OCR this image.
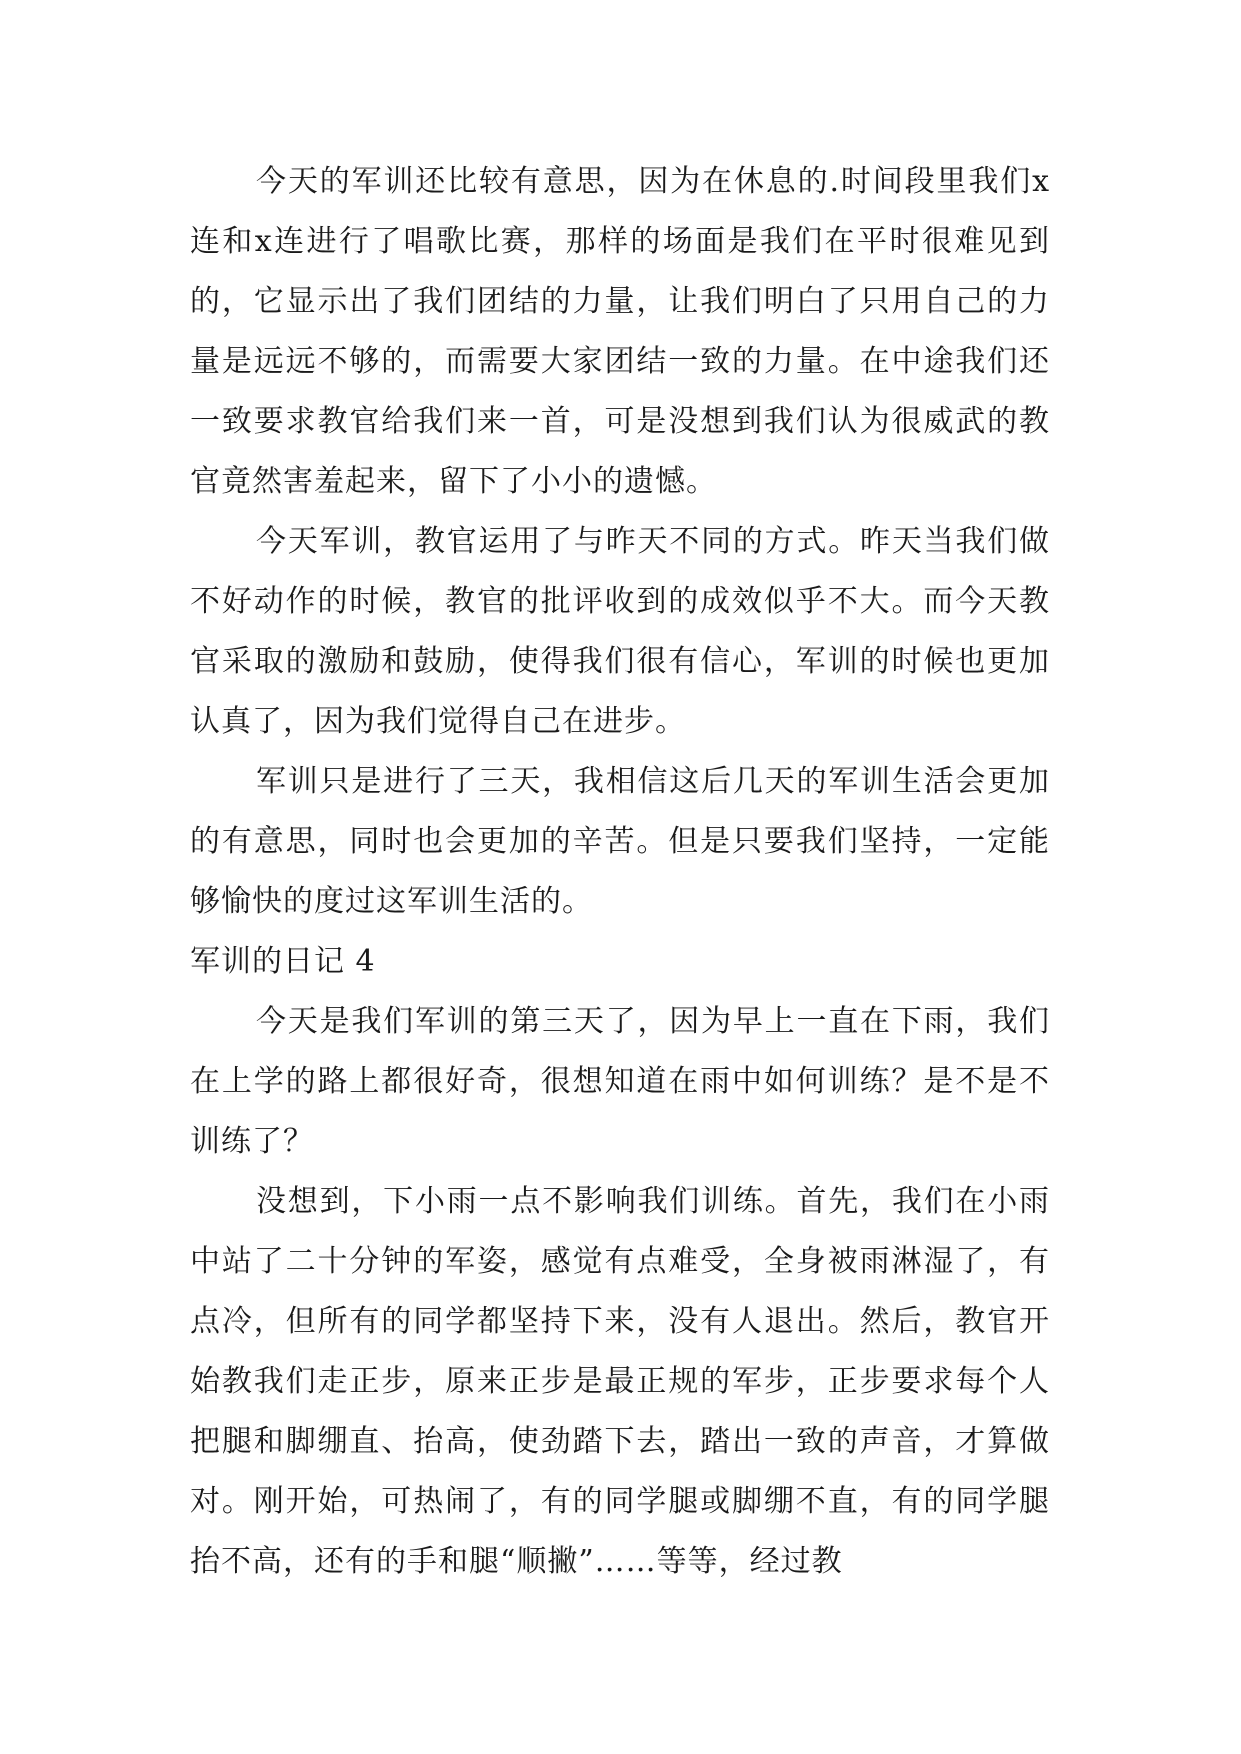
今天的军训还比较有意思，因为在休息的.时间段里我们x连和x连进行了唱歌比赛，那样的场面是我们在平时很难见到的，它显示出了我们团结的力量，让我们明白了只用自己的力量是远远不够的，而需要大家团结一致的力量。在中途我们还一致要求教官给我们来一首，可是没想到我们认为很威武的教官竟然害羞起来，留下了小小的遗憾。

今天军训，教官运用了与昨天不同的方式。昨天当我们做不好动作的时候，教官的批评收到的成效似乎不大。而今天教官采取的激励和鼓励，使得我们很有信心，军训的时候也更加认真了，因为我们觉得自己在进步。

军训只是进行了三天，我相信这后几天的军训生活会更加的有意思，同时也会更加的辛苦。但是只要我们坚持，一定能够愉快的度过这军训生活的。

军训的日记 4

今天是我们军训的第三天了，因为早上一直在下雨，我们在上学的路上都很好奇，很想知道在雨中如何训练？是不是不训练了？

没想到，下小雨一点不影响我们训练。首先，我们在小雨中站了二十分钟的军姿，感觉有点难受，全身被雨淋湿了，有点冷，但所有的同学都坚持下来，没有人退出。然后，教官开始教我们走正步，原来正步是最正规的军步，正步要求每个人把腿和脚绷直、抬高，使劲踏下去，踏出一致的声音，才算做对。刚开始，可热闹了，有的同学腿或脚绷不直，有的同学腿抬不高，还有的手和腿“顺撇”……等等，经过教
